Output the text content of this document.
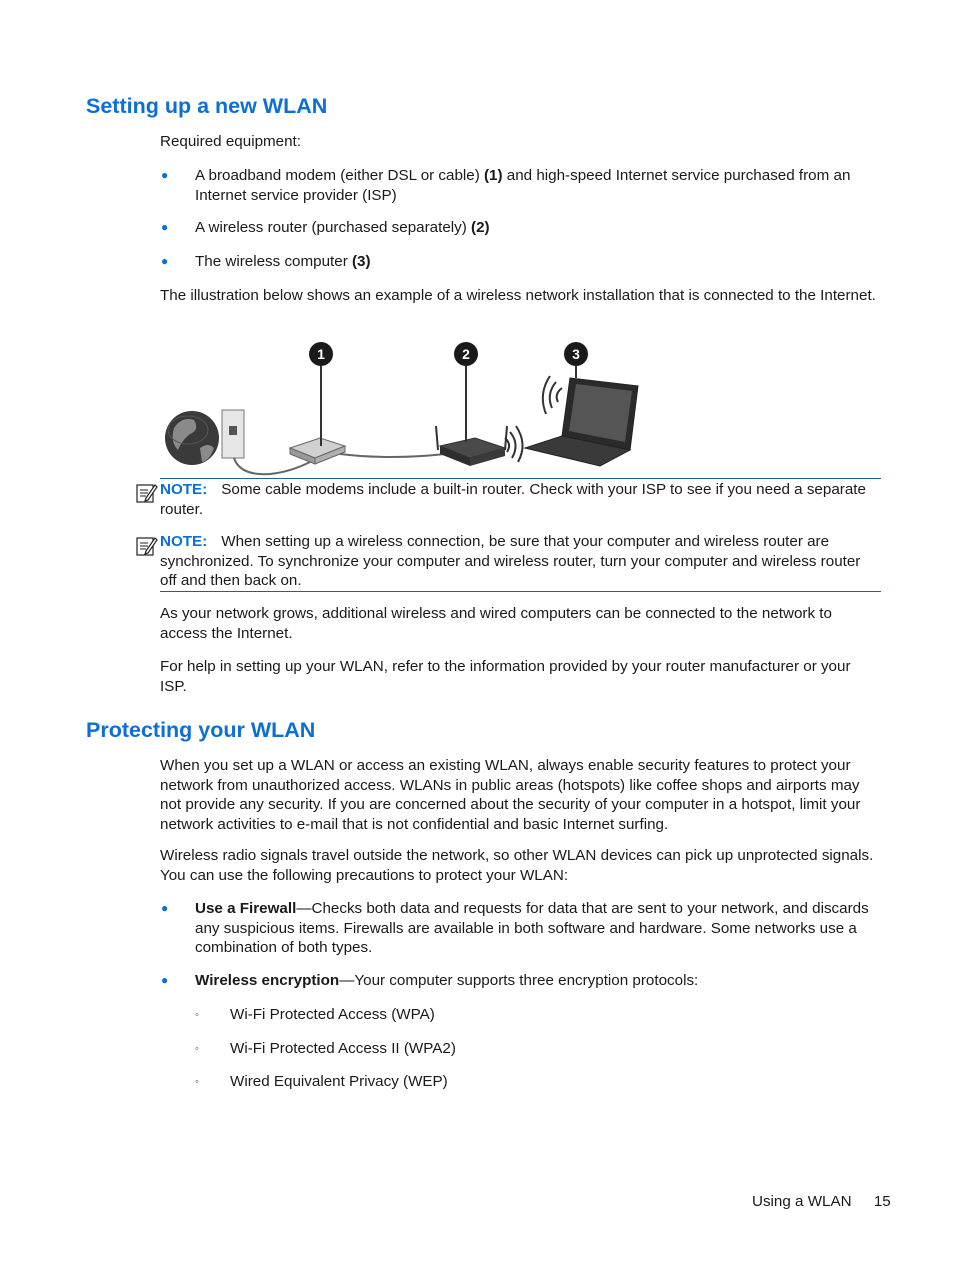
Setting up a new WLAN
Required equipment:
● A broadband modem (either DSL or cable) (1) and high-speed Internet service purchased from an Internet service provider (ISP)
● A wireless router (purchased separately) (2)
● The wireless computer (3)
The illustration below shows an example of a wireless network installation that is connected to the Internet.
1	2	3
NOTE: Some cable modems include a built-in router. Check with your ISP to see if you need a separate router.
NOTE: When setting up a wireless connection, be sure that your computer and wireless router are synchronized. To synchronize your computer and wireless router, turn your computer and wireless router off and then back on.
As your network grows, additional wireless and wired computers can be connected to the network to access the Internet.
For help in setting up your WLAN, refer to the information provided by your router manufacturer or your ISP.
Protecting your WLAN
When you set up a WLAN or access an existing WLAN, always enable security features to protect your network from unauthorized access. WLANs in public areas (hotspots) like coffee shops and airports may not provide any security. If you are concerned about the security of your computer in a hotspot, limit your network activities to e-mail that is not confidential and basic Internet surfing.
Wireless radio signals travel outside the network, so other WLAN devices can pick up unprotected signals. You can use the following precautions to protect your WLAN:
● Use a Firewall—Checks both data and requests for data that are sent to your network, and discards any suspicious items. Firewalls are available in both software and hardware. Some networks use a combination of both types.
● Wireless encryption—Your computer supports three encryption protocols:
◦ Wi-Fi Protected Access (WPA)
◦ Wi-Fi Protected Access II (WPA2)
◦ Wired Equivalent Privacy (WEP)
Using a WLAN 15
